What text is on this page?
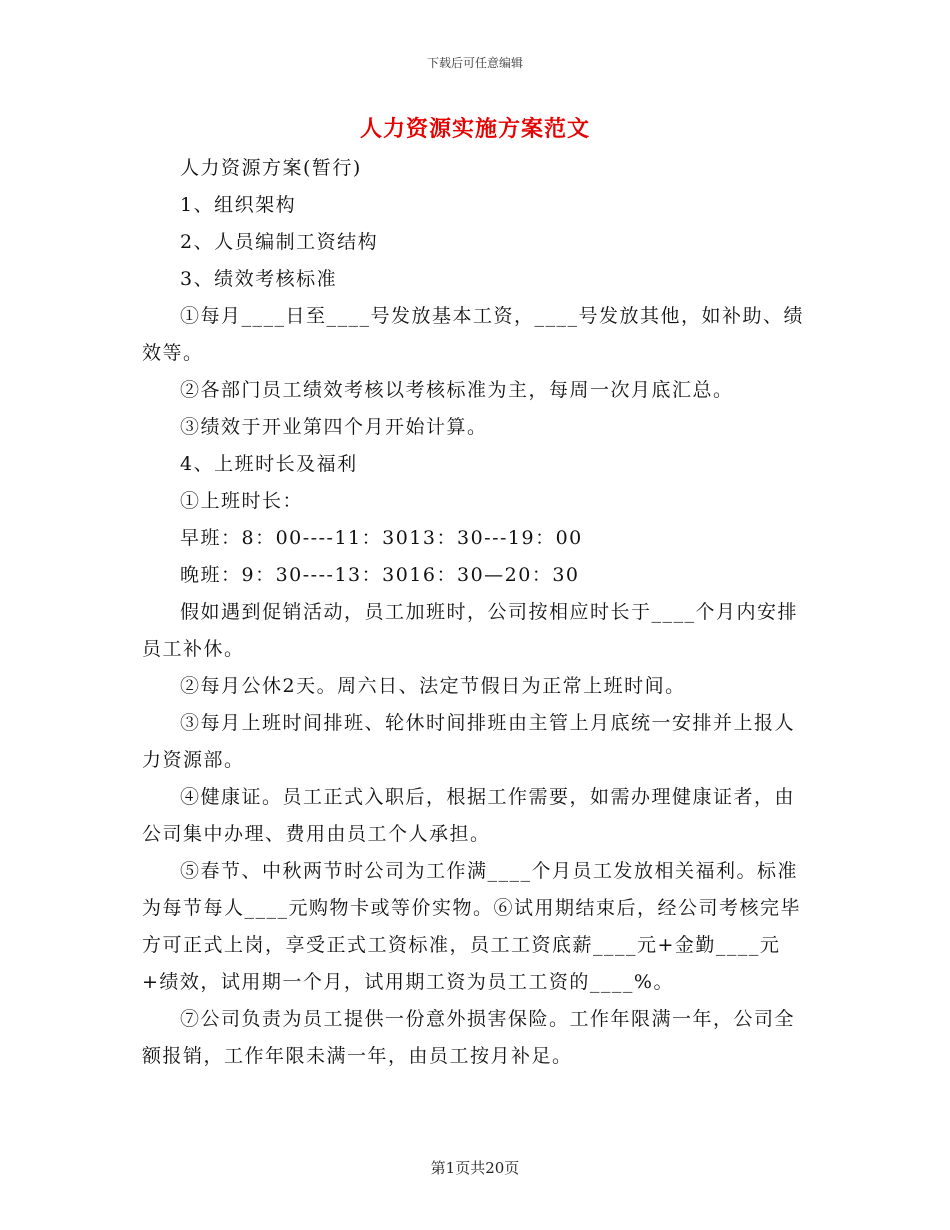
下载后可任意编辑
人力资源实施方案范文

人力资源方案(暂行)

1、组织架构

2、人员编制工资结构

3、绩效考核标准

①每月____日至____号发放基本工资，____号发放其他，如补助、绩效等。

②各部门员工绩效考核以考核标准为主，每周一次月底汇总。

③绩效于开业第四个月开始计算。

4、上班时长及福利

①上班时长：

早班：8：00----11：3013：30---19：00

晚班：9：30----13：3016：30—20：30

假如遇到促销活动，员工加班时，公司按相应时长于____个月内安排员工补休。

②每月公休2天。周六日、法定节假日为正常上班时间。

③每月上班时间排班、轮休时间排班由主管上月底统一安排并上报人力资源部。

④健康证。员工正式入职后，根据工作需要，如需办理健康证者，由公司集中办理、费用由员工个人承担。

⑤春节、中秋两节时公司为工作满____个月员工发放相关福利。标准为每节每人____元购物卡或等价实物。⑥试用期结束后，经公司考核完毕方可正式上岗，享受正式工资标准，员工工资底薪____元+金勤____元+绩效，试用期一个月，试用期工资为员工工资的____%。

⑦公司负责为员工提供一份意外损害保险。工作年限满一年，公司全额报销，工作年限未满一年，由员工按月补足。

第1页共20页
